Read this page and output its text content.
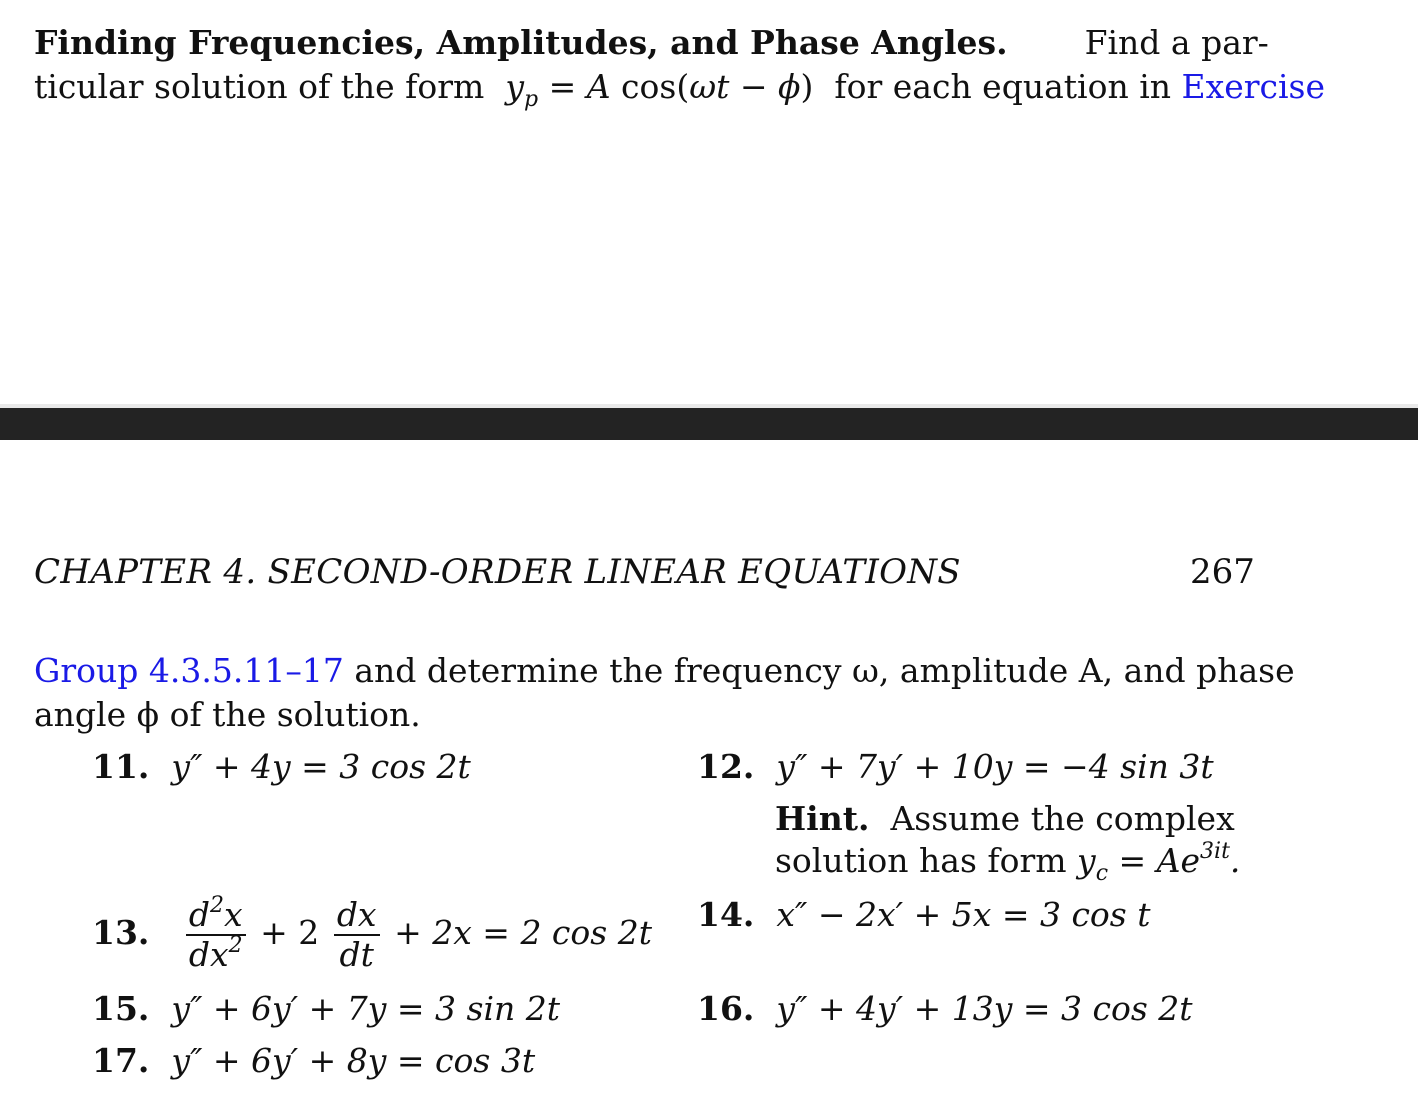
Finding Frequencies, Amplitudes, and Phase Angles. Find a par-
ticular solution of the form  $y_p = A$ cos(ωt − ϕ) for each equation in Exercise
CHAPTER 4. SECOND-ORDER LINEAR EQUATIONS	267
Group 4.3.5.11–17 and determine the frequency ω, amplitude A, and phase
angle ϕ of the solution.
11. y″ + 4y = 3 cos 2t	12. y″ + 7y′ + 10y = −4 sin 3t
Hint. Assume the complex
solution has form $y_c = Ae^{3it}$.
13. $\frac{d^2x}{dx^2} + 2 \frac{dx}{dt} + 2x = 2$ cos 2t 14. x″ − 2x′ + 5x = 3 cos t
15. y″ + 6y′ + 7y = 3 sin 2t	16. y″ + 4y′ + 13y = 3 cos 2t
17. y″ + 6y′ + 8y = cos 3t
